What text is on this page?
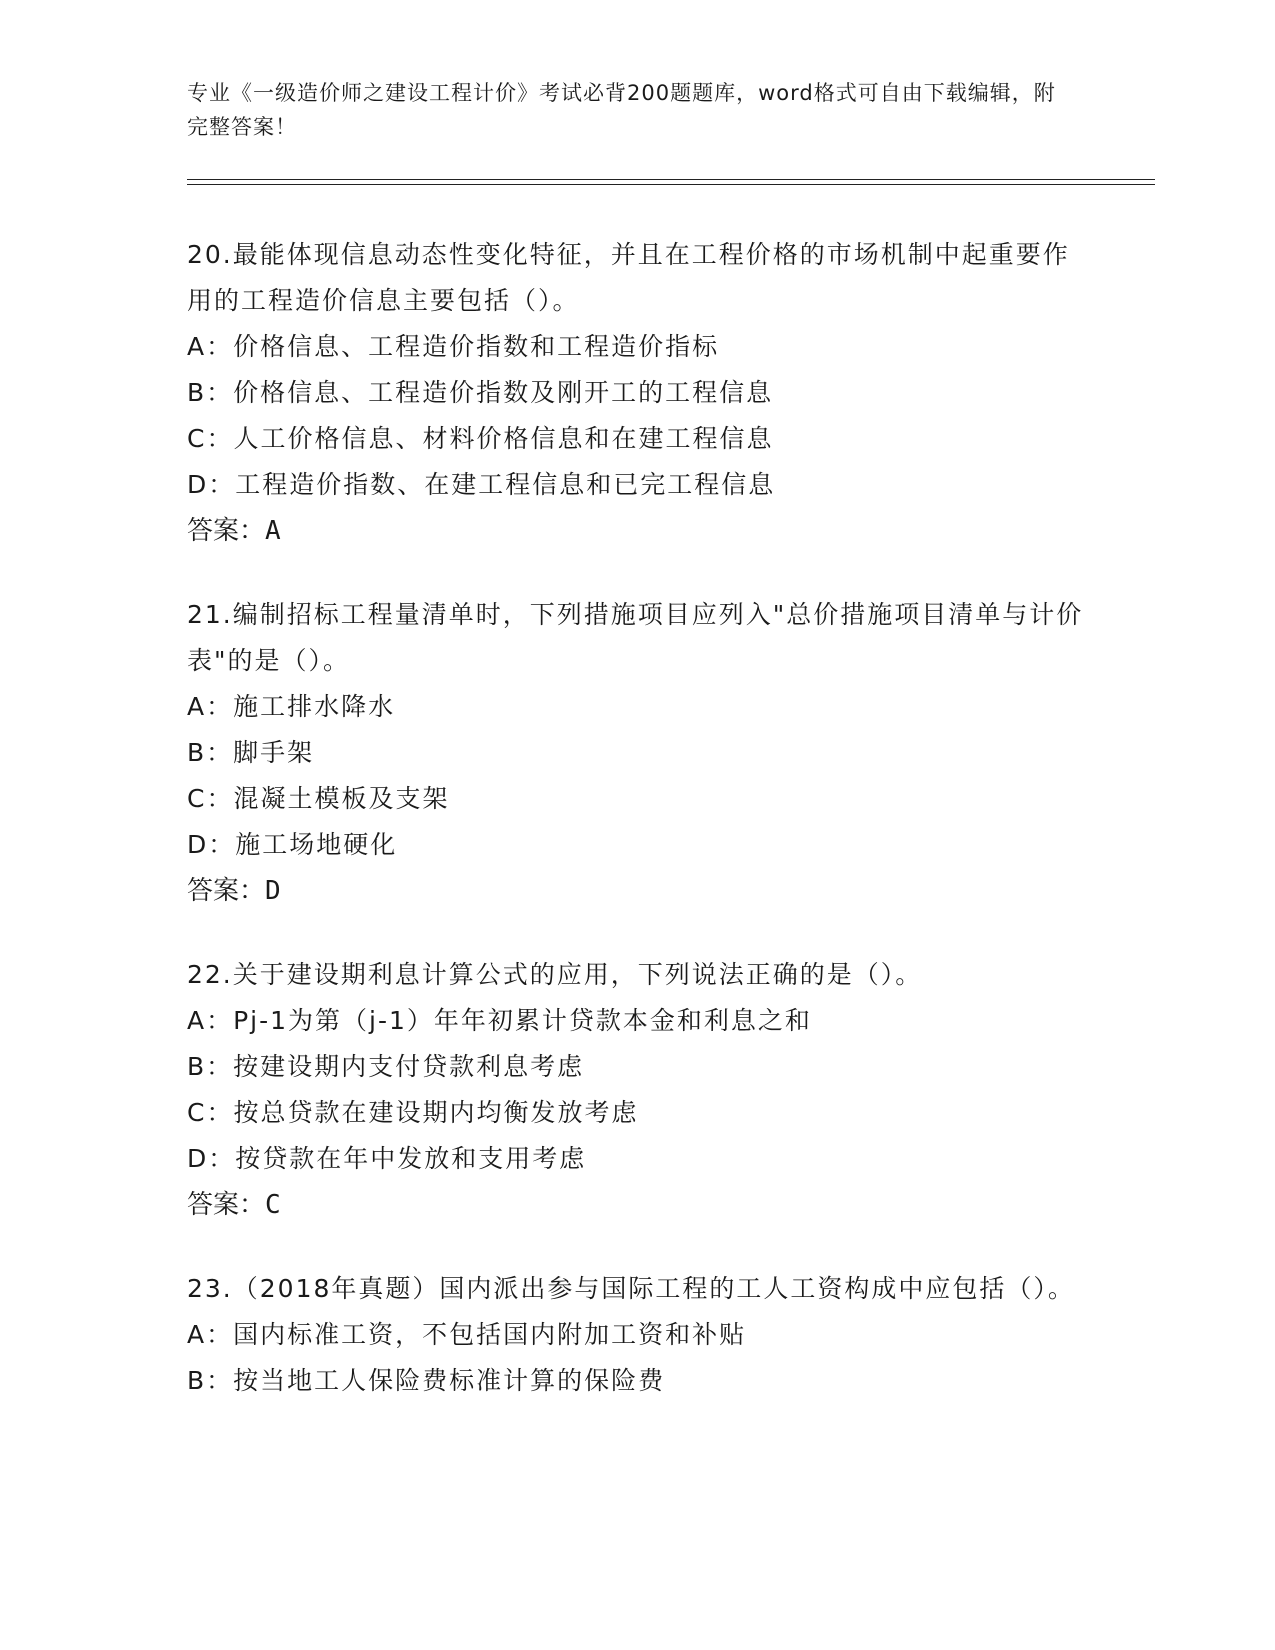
专业《一级造价师之建设工程计价》考试必背200题题库，word格式可自由下载编辑，附完整答案！
20.最能体现信息动态性变化特征，并且在工程价格的市场机制中起重要作用的工程造价信息主要包括（）。
A：价格信息、工程造价指数和工程造价指标
B：价格信息、工程造价指数及刚开工的工程信息
C：人工价格信息、材料价格信息和在建工程信息
D：工程造价指数、在建工程信息和已完工程信息
答案：A
21.编制招标工程量清单时，下列措施项目应列入"总价措施项目清单与计价表"的是（）。
A：施工排水降水
B：脚手架
C：混凝土模板及支架
D：施工场地硬化
答案：D
22.关于建设期利息计算公式的应用，下列说法正确的是（）。
A：Pj-1为第（j-1）年年初累计贷款本金和利息之和
B：按建设期内支付贷款利息考虑
C：按总贷款在建设期内均衡发放考虑
D：按贷款在年中发放和支用考虑
答案：C
23.（2018年真题）国内派出参与国际工程的工人工资构成中应包括（）。
A：国内标准工资，不包括国内附加工资和补贴
B：按当地工人保险费标准计算的保险费
